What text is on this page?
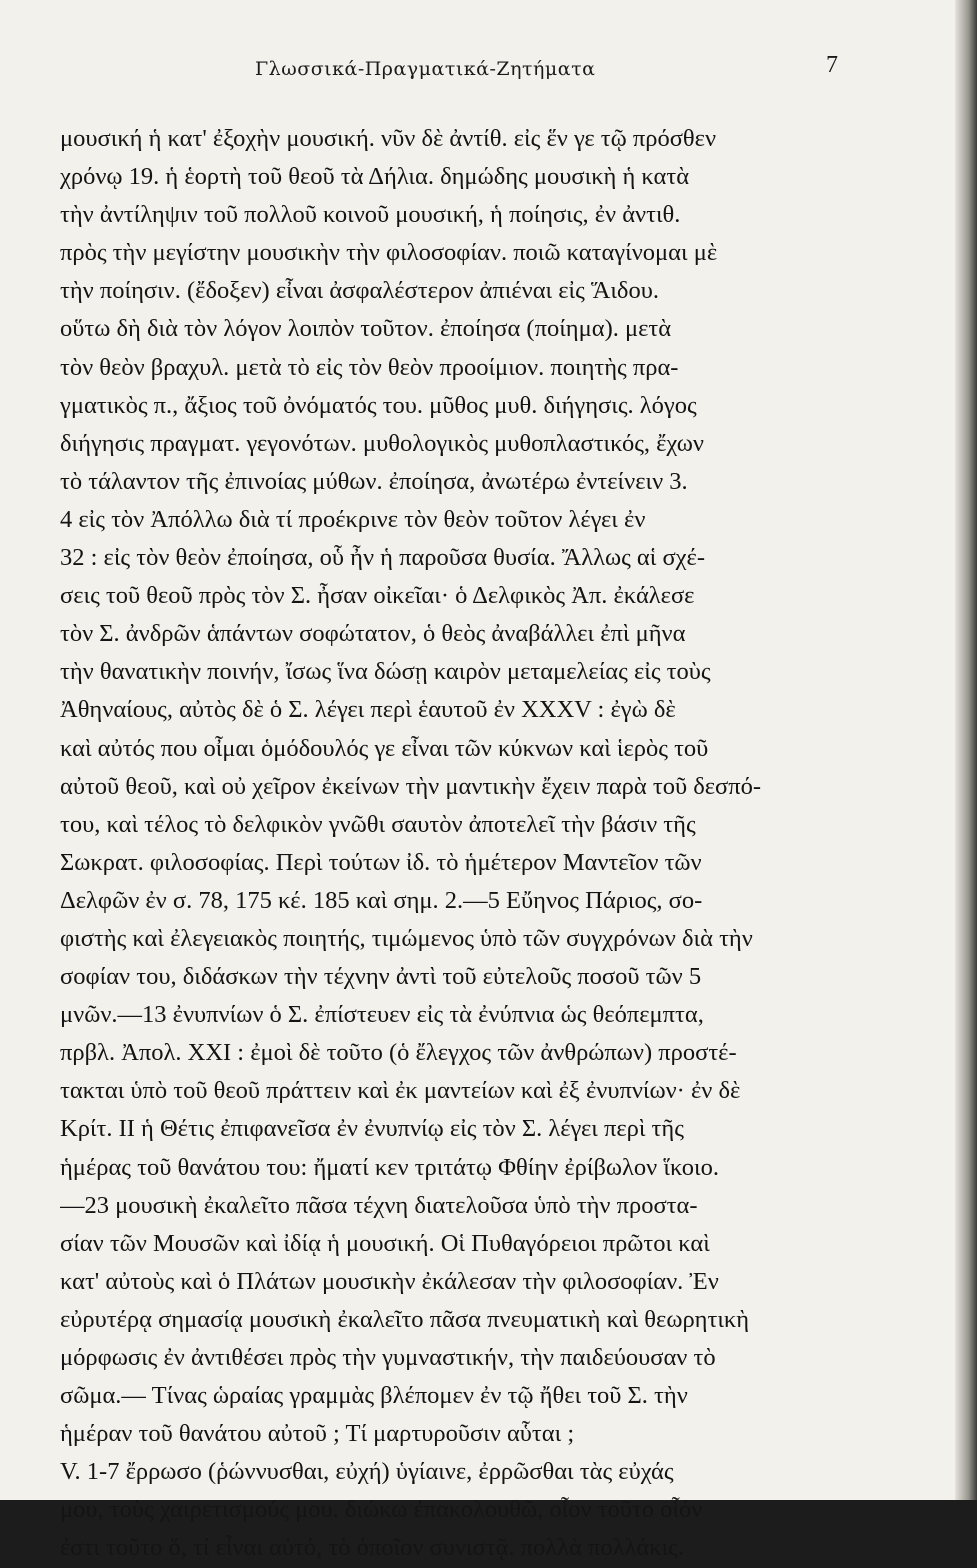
Γλωσσικά-Πραγματικά-Ζητήματα	7
μουσική ἡ κατ' ἐξοχὴν μουσική. νῦν δὲ ἀντίθ. εἰς ἕν γε τῷ πρόσθεν
χρόνῳ 19. ἡ ἑορτὴ τοῦ θεοῦ τὰ Δήλια. δημώδης μουσικὴ ἡ κατὰ
τὴν ἀντίληψιν τοῦ πολλοῦ κοινοῦ μουσική, ἡ ποίησις, ἐν ἀντιθ.
πρὸς τὴν μεγίστην μουσικὴν τὴν φιλοσοφίαν. ποιῶ καταγίνομαι μὲ
τὴν ποίησιν. (ἔδοξεν) εἶναι ἀσφαλέστερον ἀπιέναι εἰς Ἅιδου.
οὕτω δὴ διὰ τὸν λόγον λοιπὸν τοῦτον. ἐποίησα (ποίημα). μετὰ
τὸν θεὸν βραχυλ. μετὰ τὸ εἰς τὸν θεὸν προοίμιον. ποιητὴς πρα-
γματικὸς π., ἄξιος τοῦ ὀνόματός του. μῦθος μυθ. διήγησις. λόγος
διήγησις πραγματ. γεγονότων. μυθολογικὸς μυθοπλαστικός, ἔχων
τὸ τάλαντον τῆς ἐπινοίας μύθων. ἐποίησα, ἀνωτέρω ἐντείνειν 3.
4 εἰς τὸν Ἀπόλλω διὰ τί προέκρινε τὸν θεὸν τοῦτον λέγει ἐν
32 : εἰς τὸν θεὸν ἐποίησα, οὗ ἦν ἡ παροῦσα θυσία. Ἄλλως αἱ σχέ-
σεις τοῦ θεοῦ πρὸς τὸν Σ. ἦσαν οἰκεῖαι· ὁ Δελφικὸς Ἀπ. ἐκάλεσε
τὸν Σ. ἀνδρῶν ἁπάντων σοφώτατον, ὁ θεὸς ἀναβάλλει ἐπὶ μῆνα
τὴν θανατικὴν ποινήν, ἴσως ἵνα δώσῃ καιρὸν μεταμελείας εἰς τοὺς
Ἀθηναίους, αὐτὸς δὲ ὁ Σ. λέγει περὶ ἑαυτοῦ ἐν XXXV : ἐγὼ δὲ
καὶ αὐτός που οἶμαι ὁμόδουλός γε εἶναι τῶν κύκνων καὶ ἱερὸς τοῦ
αὐτοῦ θεοῦ, καὶ οὐ χεῖρον ἐκείνων τὴν μαντικὴν ἔχειν παρὰ τοῦ δεσπό-
του, καὶ τέλος τὸ δελφικὸν γνῶθι σαυτὸν ἀποτελεῖ τὴν βάσιν τῆς
Σωκρατ. φιλοσοφίας. Περὶ τούτων ἰδ. τὸ ἡμέτερον Μαντεῖον τῶν
Δελφῶν ἐν σ. 78, 175 κέ. 185 καὶ σημ. 2.—5 Εὔηνος Πάριος, σο-
φιστὴς καὶ ἐλεγειακὸς ποιητής, τιμώμενος ὑπὸ τῶν συγχρόνων διὰ τὴν
σοφίαν του, διδάσκων τὴν τέχνην ἀντὶ τοῦ εὐτελοῦς ποσοῦ τῶν 5
μνῶν.—13 ἐνυπνίων ὁ Σ. ἐπίστευεν εἰς τὰ ἐνύπνια ὡς θεόπεμπτα,
πρβλ. Ἀπολ. XXI : ἐμοὶ δὲ τοῦτο (ὁ ἔλεγχος τῶν ἀνθρώπων) προστέ-
τακται ὑπὸ τοῦ θεοῦ πράττειν καὶ ἐκ μαντείων καὶ ἐξ ἐνυπνίων· ἐν δὲ
Κρίτ. II ἡ Θέτις ἐπιφανεῖσα ἐν ἐνυπνίῳ εἰς τὸν Σ. λέγει περὶ τῆς
ἡμέρας τοῦ θανάτου του: ἤματί κεν τριτάτῳ Φθίην ἐρίβωλον ἵκοιο.
—23 μουσικὴ ἐκαλεῖτο πᾶσα τέχνη διατελοῦσα ὑπὸ τὴν προστα-
σίαν τῶν Μουσῶν καὶ ἰδίᾳ ἡ μουσική. Οἱ Πυθαγόρειοι πρῶτοι καὶ
κατ' αὐτοὺς καὶ ὁ Πλάτων μουσικὴν ἐκάλεσαν τὴν φιλοσοφίαν. Ἐν
εὐρυτέρᾳ σημασίᾳ μουσικὴ ἐκαλεῖτο πᾶσα πνευματικὴ καὶ θεωρητικὴ
μόρφωσις ἐν ἀντιθέσει πρὸς τὴν γυμναστικήν, τὴν παιδεύουσαν τὸ
σῶμα.— Τίνας ὡραίας γραμμὰς βλέπομεν ἐν τῷ ἤθει τοῦ Σ. τὴν
ἡμέραν τοῦ θανάτου αὐτοῦ ; Τί μαρτυροῦσιν αὗται ;
V. 1-7 ἔρρωσο (ῥώννυσθαι, εὐχή) ὑγίαινε, ἐρρῶσθαι τὰς εὐχάς
μου, τοὺς χαιρετισμούς μου. διώκω ἐπακολουθῶ, οἷον τοῦτο οἷόν
ἐστι τοῦτο ὅ, τί εἶναι αὐτό, τὸ ὁποῖον συνιστᾷ. πολλὰ πολλάκις.
